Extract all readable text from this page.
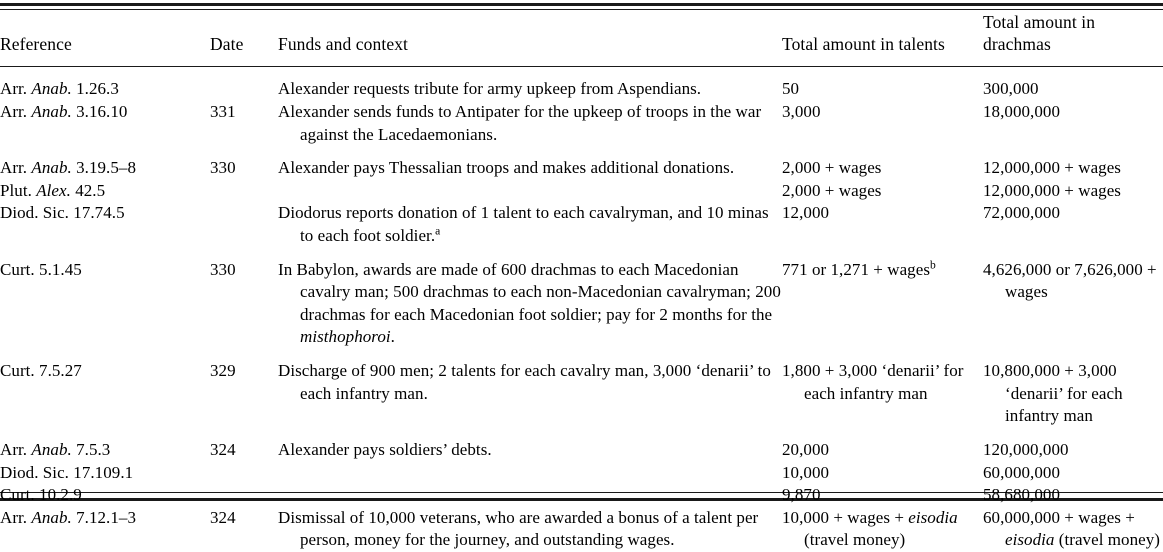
Reference	Date	Funds and context	Total amount in talents	Total amount in drachmas
Arr. Anab. 1.26.3		Alexander requests tribute for army upkeep from Aspendians.	50	300,000
Arr. Anab. 3.16.10	331	Alexander sends funds to Antipater for the upkeep of troops in the war against the Lacedaemonians.	3,000	18,000,000
Arr. Anab. 3.19.5–8	330	Alexander pays Thessalian troops and makes additional donations.	2,000 + wages	12,000,000 + wages
Plut. Alex. 42.5			2,000 + wages	12,000,000 + wages
Diod. Sic. 17.74.5		Diodorus reports donation of 1 talent to each cavalryman, and 10 minas to each foot soldier.$^a$	12,000	72,000,000
Curt. 5.1.45	330	In Babylon, awards are made of 600 drachmas to each Macedonian cavalry man; 500 drachmas to each non-Macedonian cavalryman; 200 drachmas for each Macedonian foot soldier; pay for 2 months for the misthophoroi.	771 or 1,271 + wages$^b$	4,626,000 or 7,626,000 + wages
Curt. 7.5.27	329	Discharge of 900 men; 2 talents for each cavalry man, 3,000 ‘denarii’ to each infantry man.	1,800 + 3,000 ‘denarii’ for each infantry man	10,800,000 + 3,000 ‘denarii’ for each infantry man
Arr. Anab. 7.5.3	324	Alexander pays soldiers’ debts.	20,000	120,000,000
Diod. Sic. 17.109.1			10,000	60,000,000
Curt. 10.2.9			9,870	58,680,000
Arr. Anab. 7.12.1–3	324	Dismissal of 10,000 veterans, who are awarded a bonus of a talent per person, money for the journey, and outstanding wages.	10,000 + wages + eisodia (travel money)	60,000,000 + wages + eisodia (travel money)
